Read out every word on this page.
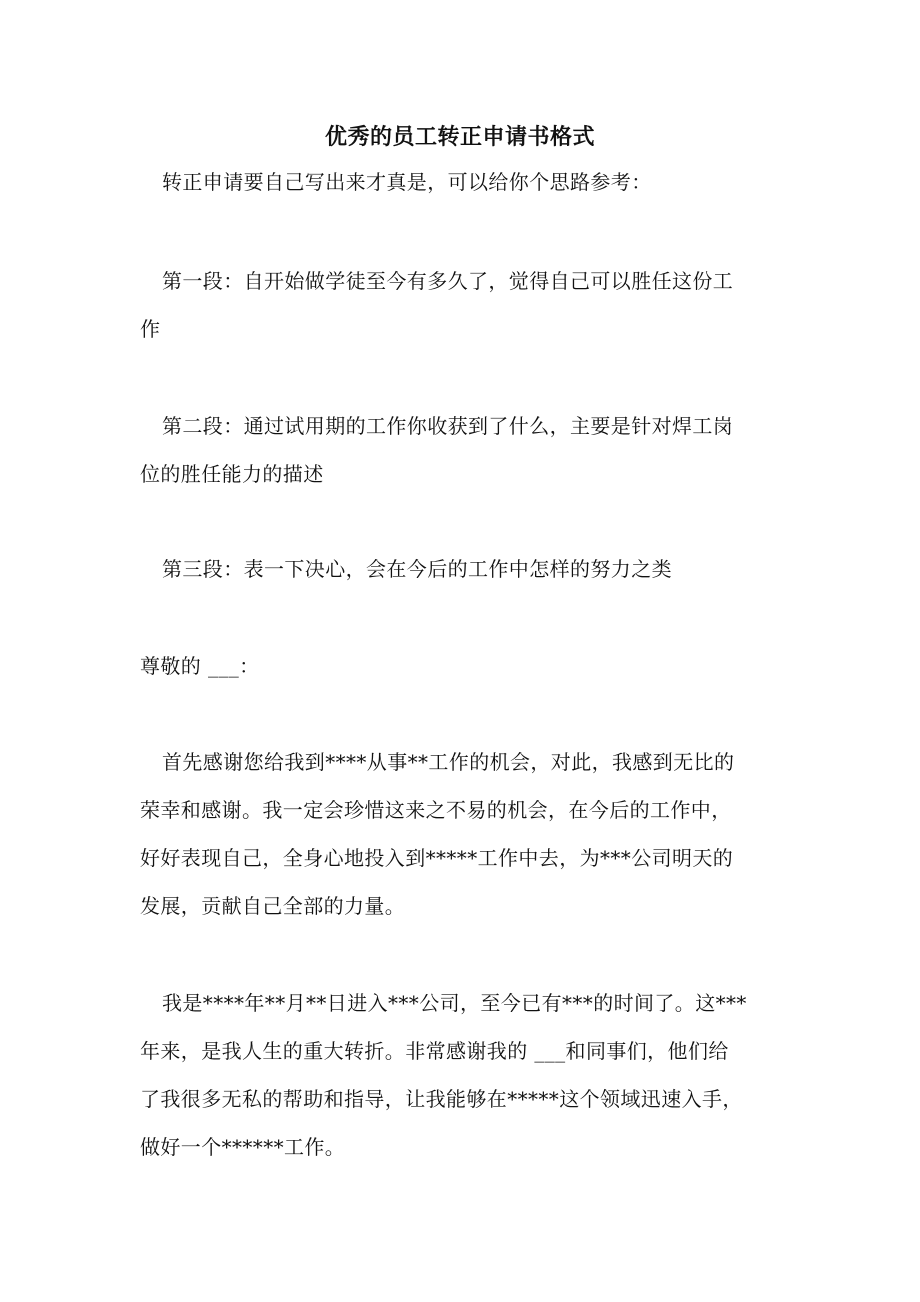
优秀的员工转正申请书格式
转正申请要自己写出来才真是，可以给你个思路参考：
第一段：自开始做学徒至今有多久了，觉得自己可以胜任这份工
作
第二段：通过试用期的工作你收获到了什么，主要是针对焊工岗
位的胜任能力的描述
第三段：表一下决心，会在今后的工作中怎样的努力之类
尊敬的 ___：
首先感谢您给我到****从事**工作的机会，对此，我感到无比的
荣幸和感谢。我一定会珍惜这来之不易的机会，在今后的工作中，
好好表现自己，全身心地投入到*****工作中去，为***公司明天的
发展，贡献自己全部的力量。
我是****年**月**日进入***公司，至今已有***的时间了。这***
年来，是我人生的重大转折。非常感谢我的 ___和同事们，他们给
了我很多无私的帮助和指导，让我能够在*****这个领域迅速入手，
做好一个******工作。
